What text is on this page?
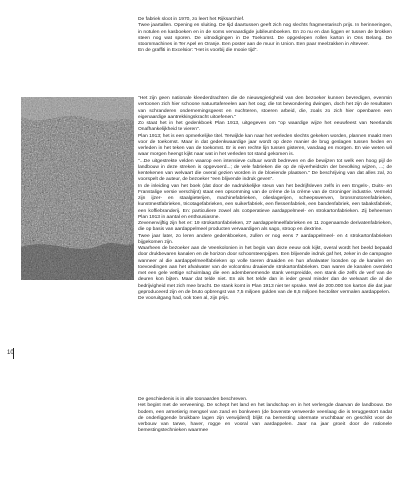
De fabriek sloot in 1970, zo leert het Rijksarchief.

Twee jaartallen. Opening en sluiting. De tijd daartussen geeft zich nog slechts fragmentarisch prijs. In herinneringen, in notulen en kasboeken en in de soms vervaardigde jubileumboeken. En zo nu en dan liggen er tussen de brokken steen nog wat sporen. De uitnodigingen in De Toekomst. De opgeslepen rollen karton in Ons Belang. De stoommachines in Ter Apel en Oranje. Een poster aan de muur in Union. Een paar meelzakken in Altevеer.

En de graffiti in Excelsior: "Het is voorbij die mooie tijd".

"Het zijn geen nationale kleederdrachten die de nieuwsgierigheid van den bezoeker kunnen bevredigen, evenmin vertoonen zich hier schoone natuurtafereelen aan het oog; die tot bewondering dwingen, doch het zijn de resultaten van schranderen ondernemingsgeest en nuchteren, stoeren arbeid, die, zoals zo zich hier openbaren een eigenaardige aantrekkingskracht uitoefenen."

Zo staat het in het gedenkboek Plan 1913, uitgegeven om "op waardige wijze het eeuwfeest van Neerlands Onafhankelijkheid te vieren".

Plan 1913; het is een opmerkelijke titel. Terwijlde kan naar het verleden slechts gekeken worden, plannen maakt men voor de toekomst. Maar in dat gedenkwaardige jaar wordt op deze manier de brug geslagen tussen heden en verleden in het teken van de toekomst. Er is een rechte lijn tussen gisteren, vandaag en morgen. En wie weten wil waar morgen heengt kijkt naar wat in het verleden tot stand gekomen is.

"...De uitgestrekte velden waarop een intensieve cultuur wordt bedreven en die bewijzen tot welk een hoog pijl de landbouw in deze streken is opgevoerd...; de vele fabrieken die op de nijverheidszin der bevolking wijzen, ...; de kentekenen van welvaart die overal gezien worden in de bloeiende plaatsen." De beschrijving van dat alles zal, zo voorspelt de auteur, de bezoeker "een blijvende indruk geven".

In de inleiding van het boek (dat door de nadrukkelijke steun van het bedrijfsleven zelfs in een Engels-, Duits- en Franstalige versie verschijnt) staat een opsomming van de crème de la crème van de Groninger industrie. Vermeld zijn ijzer- en staalgieterijen, machinefabrieken, oliеslagerijen, scheepswerven, bronsmotorenfabrieken, kunstmestfabrieken, tricotagefabrieken, een suikerfabriek, een flessenfabriek, een bandenfabriek, een tabaksfabriek, een koffiebranderij. En: particuliere zowel als coöperatieve aardappelmeel- en strokartonfabrieken. Zij beheersen Plan 1913 in aantal en enthousiasme.

Zevenenvijftig zijn het er: 19 strokartonfabrieken, 27 aardappelmeelfabrieken en 11 zogenaamde derivatenfabrieken, die op basis van aardappelmeel producten vervaardigen als sago, stroop en dextrine.

Twee jaar later, zo leren andere gedenkboeken, zullen er nog eens 7 aardappelmeel- en 4 strokartonfabrieken bijgekomen zijn.

Waarheen de bezoeker aan de Veenkolonien in het begin van deze eeuw ook kijkt, overal wordt het beeld bepaald door drukbevaren kanalen en de horizon door schoorsteenpijpen. Een blijvende indruk gaf het, zeker in de campagne wanneer al die aardappelmeelfabrieken op volle toeren draaiden en hun afvalwater loosden op de kanalen en toevoedingen aan het afvalwater van de volcontinu draaiende strokartonfabrieken. Dan waren de kanalen overdekt met een gele vettige schuimlaag die een adembenemende stank verspreidde, een stank die zelfs de verf van de deuren kon bijten. Maar dat telde niet. En als het telde dan in ieder geval minder dan de welvaart die al die bedrijvigheid met zich mee bracht. De stank komt in Plan 1913 niet ter sprake. Wel de 200.000 ton karton die dat jaar geproduceerd zijn en de bruto opbrengst van 7,5 miljoen gulden van de 8,5 miljoen hectoliter vermalen aardappelen.

De vooruitgang had, ook toen al, zijn prijs.

De geschiedenis is in alle toonaarden beschreven.

Het begint met de verveening. De schept het land en het landschap en in het verlengde daarvan de landbouw. De bodem, een armetierig mengsel van zand en bonkveen (de bovenste verweerde veenlaag die is teruggestort nadat de onderliggende bruikbare lagen zijn verwijderd) blijkt na bemesting uitermate vruchtbaar en geschikt voor de verbouw van tarwe, haver, rogge en vooral van aardappelen. Jaar na jaar groeit door de rationele bemestingstechnieken waarmee

10
